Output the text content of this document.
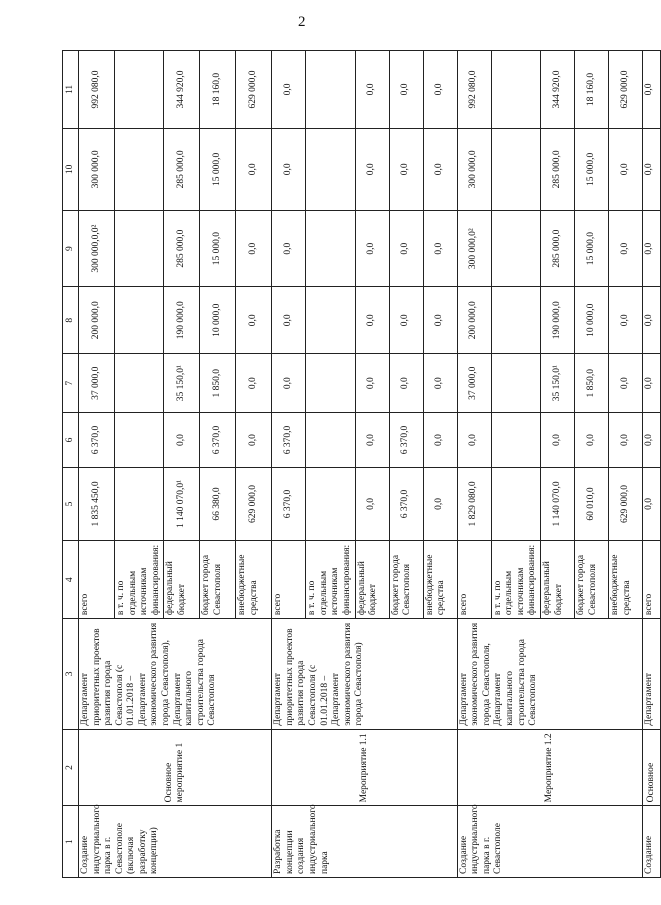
2
1	2	3	4	5	6	7	8	9	10	11
Создание индустриального парка в г. Севастополе (включая разработку концепции)	Основное мероприятие 1	Департамент приоритетных проектов развития города Севастополя (с 01.01.2018 – Департамент экономического развития города Севастополя), Департамент капитального строительства города Севастополя	всего	1 835 450,0	6 370,0	37 000,0	200 000,0	300 000,0,0²	300 000,0	992 080,0
			в т. ч. по отдельным источникам финансирования:							
			федеральный бюджет	1 140 070,0¹	0,0	35 150,0¹	190 000,0	285 000,0	285 000,0	344 920,0
			бюджет города Севастополя	66 380,0	6 370,0	1 850,0	10 000,0	15 000,0	15 000,0	18 160,0
			внебюджетные средства	629 000,0	0,0	0,0	0,0	0,0	0,0	629 000,0
Разработка концепции создания индустриального парка	Мероприятие 1.1	Департамент приоритетных проектов развития города Севастополя (с 01.01.2018 – Департамент экономического развития города Севастополя)	всего	6 370,0	6 370,0	0,0	0,0	0,0	0,0	0,0
			в т. ч. по отдельным источникам финансирования:							
			федеральный бюджет	0,0	0,0	0,0	0,0	0,0	0,0	0,0
			бюджет города Севастополя	6 370,0	6 370,0	0,0	0,0	0,0	0,0	0,0
			внебюджетные средства	0,0	0,0	0,0	0,0	0,0	0,0	0,0
Создание индустриального парка в г. Севастополе	Мероприятие 1.2	Департамент экономического развития города Севастополя, Департамент капитального строительства города Севастополя	всего	1 829 080,0	0,0	37 000,0	200 000,0	300 000,0²	300 000,0	992 080,0
			в т. ч. по отдельным источникам финансирования:							
			федеральный бюджет	1 140 070,0	0,0	35 150,0¹	190 000,0	285 000,0	285 000,0	344 920,0
			бюджет города Севастополя	60 010,0	0,0	1 850,0	10 000,0	15 000,0	15 000,0	18 160,0
			внебюджетные средства	629 000,0	0,0	0,0	0,0	0,0	0,0	629 000,0
Создание	Основное	Департамент	всего	0,0	0,0	0,0	0,0	0,0	0,0	0,0
